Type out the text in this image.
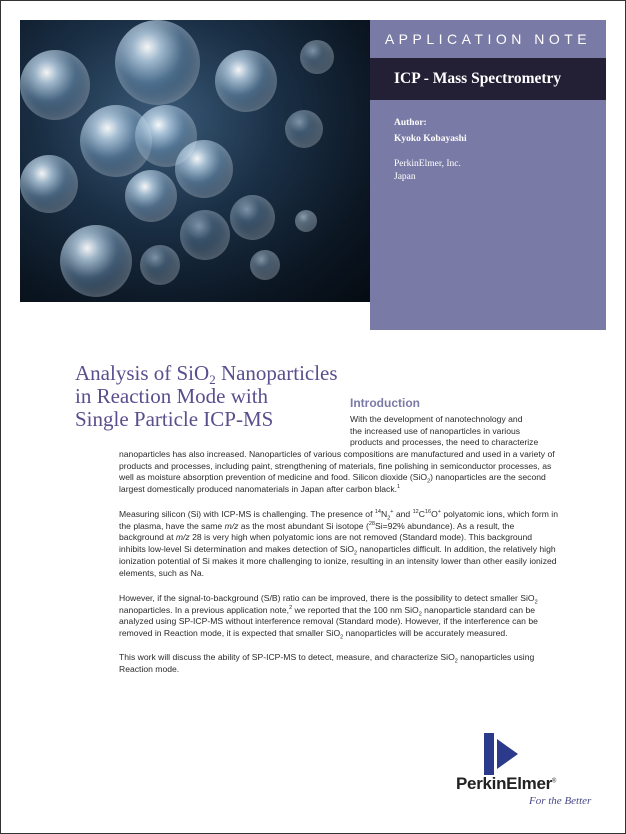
APPLICATION NOTE
ICP - Mass Spectrometry
Author:
Kyoko Kobayashi
PerkinElmer, Inc.
Japan
Analysis of SiO$_2$ Nanoparticles
in Reaction Mode with
Single Particle ICP-MS
Introduction
With the development of nanotechnology and
the increased use of nanoparticles in various
products and processes, the need to characterize
nanoparticles has also increased. Nanoparticles of various compositions are manufactured and used in a variety of products and processes, including paint, strengthening of materials, fine polishing in semiconductor processes, as well as moisture absorption prevention of medicine and food. Silicon dioxide (SiO$_2$) nanoparticles are the second largest domestically produced nanomaterials in Japan after carbon black.$^1$
Measuring silicon (Si) with ICP-MS is challenging. The presence of $^{14}N_2^+$ and $^{12}C^{16}O^+$ polyatomic ions, which form in the plasma, have the same m/z as the most abundant Si isotope ($^{28}$Si=92% abundance). As a result, the background at m/z 28 is very high when polyatomic ions are not removed (Standard mode). This background inhibits low-level Si determination and makes detection of SiO$_2$ nanoparticles difficult. In addition, the relatively high ionization potential of Si makes it more challenging to ionize, resulting in an intensity lower than other easily ionized elements, such as Na.
However, if the signal-to-background (S/B) ratio can be improved, there is the possibility to detect smaller SiO$_2$ nanoparticles. In a previous application note,$^2$ we reported that the 100 nm SiO$_2$ nanoparticle standard can be analyzed using SP-ICP-MS without interference removal (Standard mode). However, if the interference can be removed in Reaction mode, it is expected that smaller SiO$_2$ nanoparticles will be accurately measured.
This work will discuss the ability of SP-ICP-MS to detect, measure, and characterize SiO$_2$ nanoparticles using Reaction mode.
PerkinElmer®
For the Better
